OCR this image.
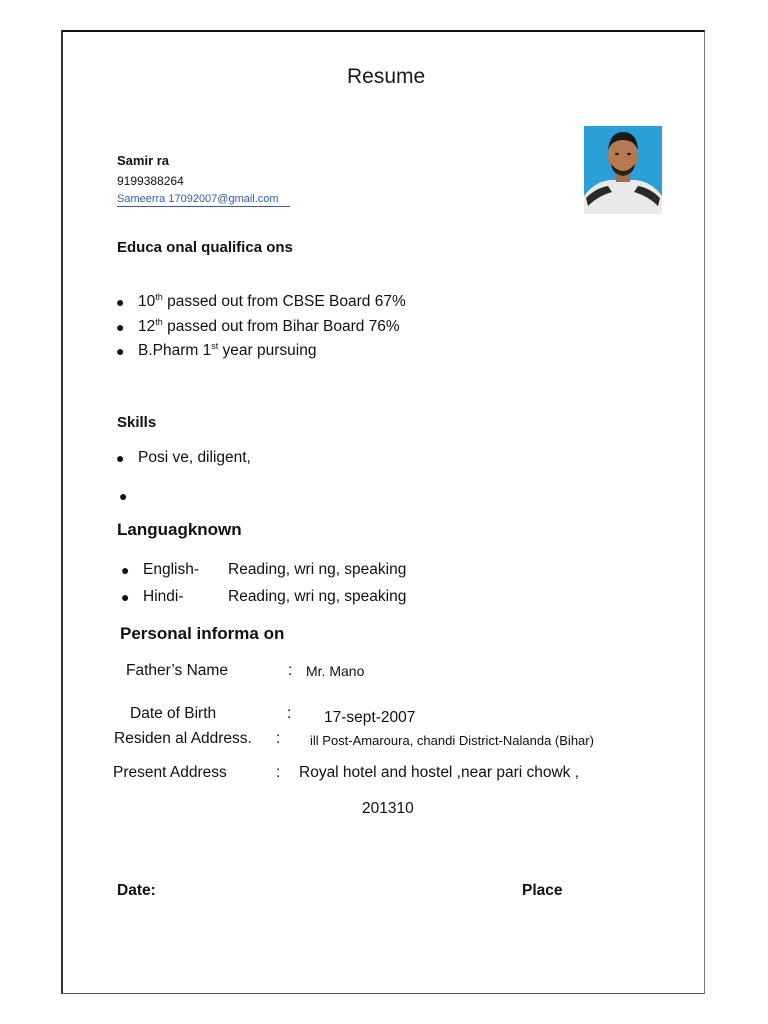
Resume
Samir ra
9199388264
Sameerra 17092007@gmail.com
Educa onal qualifica ons
● 10th passed out from CBSE Board 67%
● 12th passed out from Bihar Board 76%
● B.Pharm 1st year pursuing
Skills
● Posi ve, diligent,
●
Languagknown
● English- Reading, wri ng, speaking
● Hindi-	Reading, wri ng, speaking
Personal informa on
Father’s Name	: Mr. Mano
Date of Birth	: 17-sept-2007
Residen al Address. : ill Post-Amaroura, chandi District-Nalanda (Bihar)
Present Address	: Royal hotel and hostel ,near pari chowk ,
201310
Date:	Place
